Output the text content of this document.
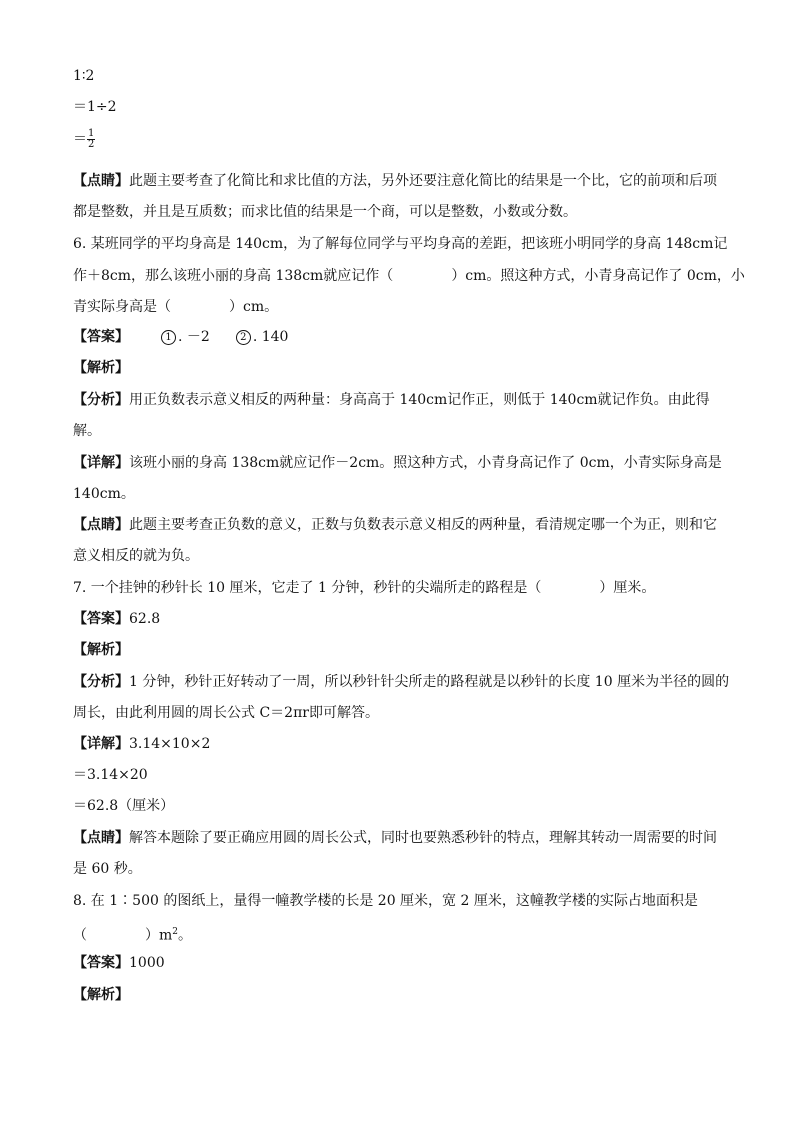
1∶2
＝1÷2
＝ $\frac{1}{2}$
【点睛】此题主要考查了化简比和求比值的方法，另外还要注意化简比的结果是一个比，它的前项和后项
都是整数，并且是互质数；而求比值的结果是一个商，可以是整数，小数或分数。
6. 某班同学的平均身高是 140cm，为了解每位同学与平均身高的差距，把该班小明同学的身高 148cm记
作＋8cm，那么该班小丽的身高 138cm就应记作（	）cm。照这种方式，小青身高记作了 0cm，小
青实际身高是（	）cm。
【答案】	1 . －2	2 . 140
【解析】
【分析】用正负数表示意义相反的两种量：身高高于 140cm记作正，则低于 140cm就记作负。由此得
解。
【详解】该班小丽的身高 138cm就应记作－2cm。照这种方式，小青身高记作了 0cm，小青实际身高是
140cm。
【点睛】此题主要考查正负数的意义，正数与负数表示意义相反的两种量，看清规定哪一个为正，则和它
意义相反的就为负。
7. 一个挂钟的秒针长 10 厘米，它走了 1 分钟，秒针的尖端所走的路程是（	）厘米。
【答案】62.8
【解析】
【分析】1 分钟，秒针正好转动了一周，所以秒针针尖所走的路程就是以秒针的长度 10 厘米为半径的圆的
周长，由此利用圆的周长公式 C＝2πr即可解答。
【详解】3.14×10×2
＝3.14×20
＝62.8（厘米）
【点睛】解答本题除了要正确应用圆的周长公式，同时也要熟悉秒针的特点，理解其转动一周需要的时间
是 60 秒。
8. 在 1∶500 的图纸上，量得一幢教学楼的长是 20 厘米，宽 2 厘米，这幢教学楼的实际占地面积是
（	）$m^2$。
【答案】1000
【解析】
